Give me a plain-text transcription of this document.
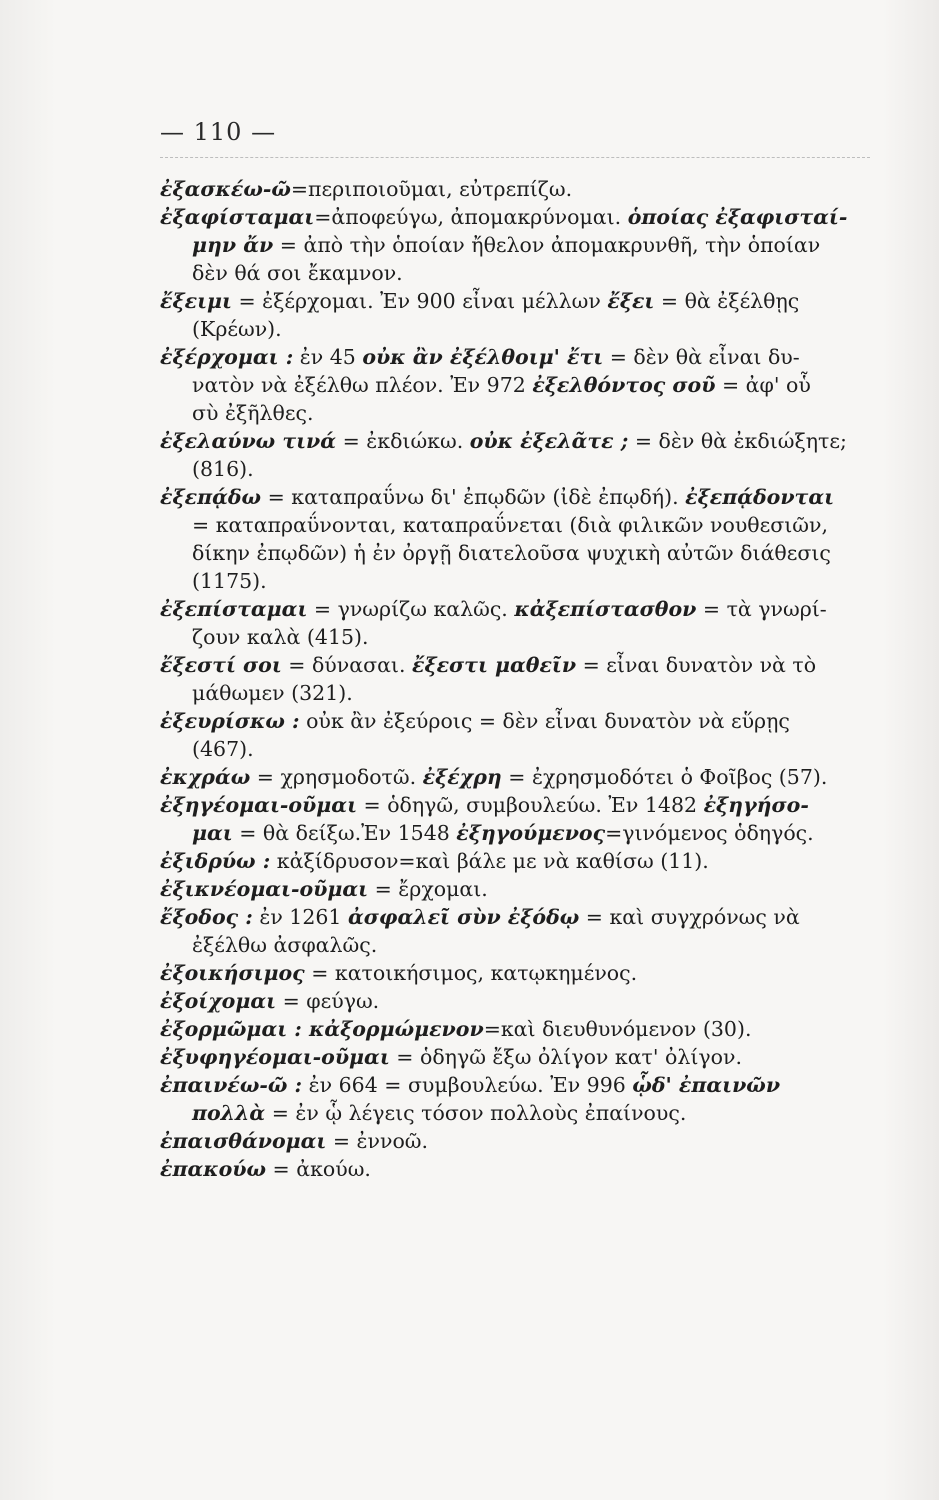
— 110 —
ἐξασκέω-ῶ=περιποιοῦμαι, εὐτρεπίζω.
ἐξαφίσταμαι=ἀποφεύγω, ἀπομακρύνομαι. ὁποίας ἐξαφισταί-
μην ἄν = ἀπὸ τὴν ὁποίαν ἤθελον ἀπομακρυνθῆ, τὴν ὁποίαν
δὲν θά σοι ἔκαμνον.
ἔξειμι = ἐξέρχομαι. Ἐν 900 εἶναι μέλλων ἔξει = θὰ ἐξέλθῃς
(Κρέων).
ἐξέρχομαι : ἐν 45 οὐκ ἂν ἐξέλθοιμ' ἔτι = δὲν θὰ εἶναι δυ-
νατὸν νὰ ἐξέλθω πλέον. Ἐν 972 ἐξελθόντος σοῦ = ἀφ' οὗ
σὺ ἐξῆλθες.
ἐξελαύνω τινά = ἐκδιώκω. οὐκ ἐξελᾶτε ; = δὲν θὰ ἐκδιώξητε;
(816).
ἐξεπᾴδω = καταπραΰνω δι' ἐπῳδῶν (ἰδὲ ἐπῳδή). ἐξεπᾴδονται
= καταπραΰνονται, καταπραΰνεται (διὰ φιλικῶν νουθεσιῶν,
δίκην ἐπῳδῶν) ἡ ἐν ὀργῇ διατελοῦσα ψυχικὴ αὐτῶν διάθεσις
(1175).
ἐξεπίσταμαι = γνωρίζω καλῶς. κἀξεπίστασθον = τὰ γνωρί-
ζουν καλὰ (415).
ἔξεστί σοι = δύνασαι. ἔξεστι μαθεῖν = εἶναι δυνατὸν νὰ τὸ
μάθωμεν (321).
ἐξευρίσκω : οὐκ ἂν ἐξεύροις = δὲν εἶναι δυνατὸν νὰ εὕρῃς
(467).
ἐκχράω = χρησμοδοτῶ. ἐξέχρη = ἐχρησμοδότει ὁ Φοῖβος (57).
ἐξηγέομαι-οῦμαι = ὁδηγῶ, συμβουλεύω. Ἐν 1482 ἐξηγήσο-
μαι = θὰ δείξω.Ἐν 1548 ἐξηγούμενος=γινόμενος ὁδηγός.
ἐξιδρύω : κἀξίδρυσον=καὶ βάλε με νὰ καθίσω (11).
ἐξικνέομαι-οῦμαι = ἔρχομαι.
ἔξοδος : ἐν 1261 ἀσφαλεῖ σὺν ἐξόδῳ = καὶ συγχρόνως νὰ
ἐξέλθω ἀσφαλῶς.
ἐξοικήσιμος = κατοικήσιμος, κατῳκημένος.
ἐξοίχομαι = φεύγω.
ἐξορμῶμαι : κἀξορμώμενον=καὶ διευθυνόμενον (30).
ἐξυφηγέομαι-οῦμαι = ὁδηγῶ ἔξω ὀλίγον κατ' ὀλίγον.
ἐπαινέω-ῶ : ἐν 664 = συμβουλεύω. Ἐν 996 ᾧδ' ἐπαινῶν
πολλὰ = ἐν ᾧ λέγεις τόσον πολλοὺς ἐπαίνους.
ἐπαισθάνομαι = ἐννοῶ.
ἐπακούω = ἀκούω.
